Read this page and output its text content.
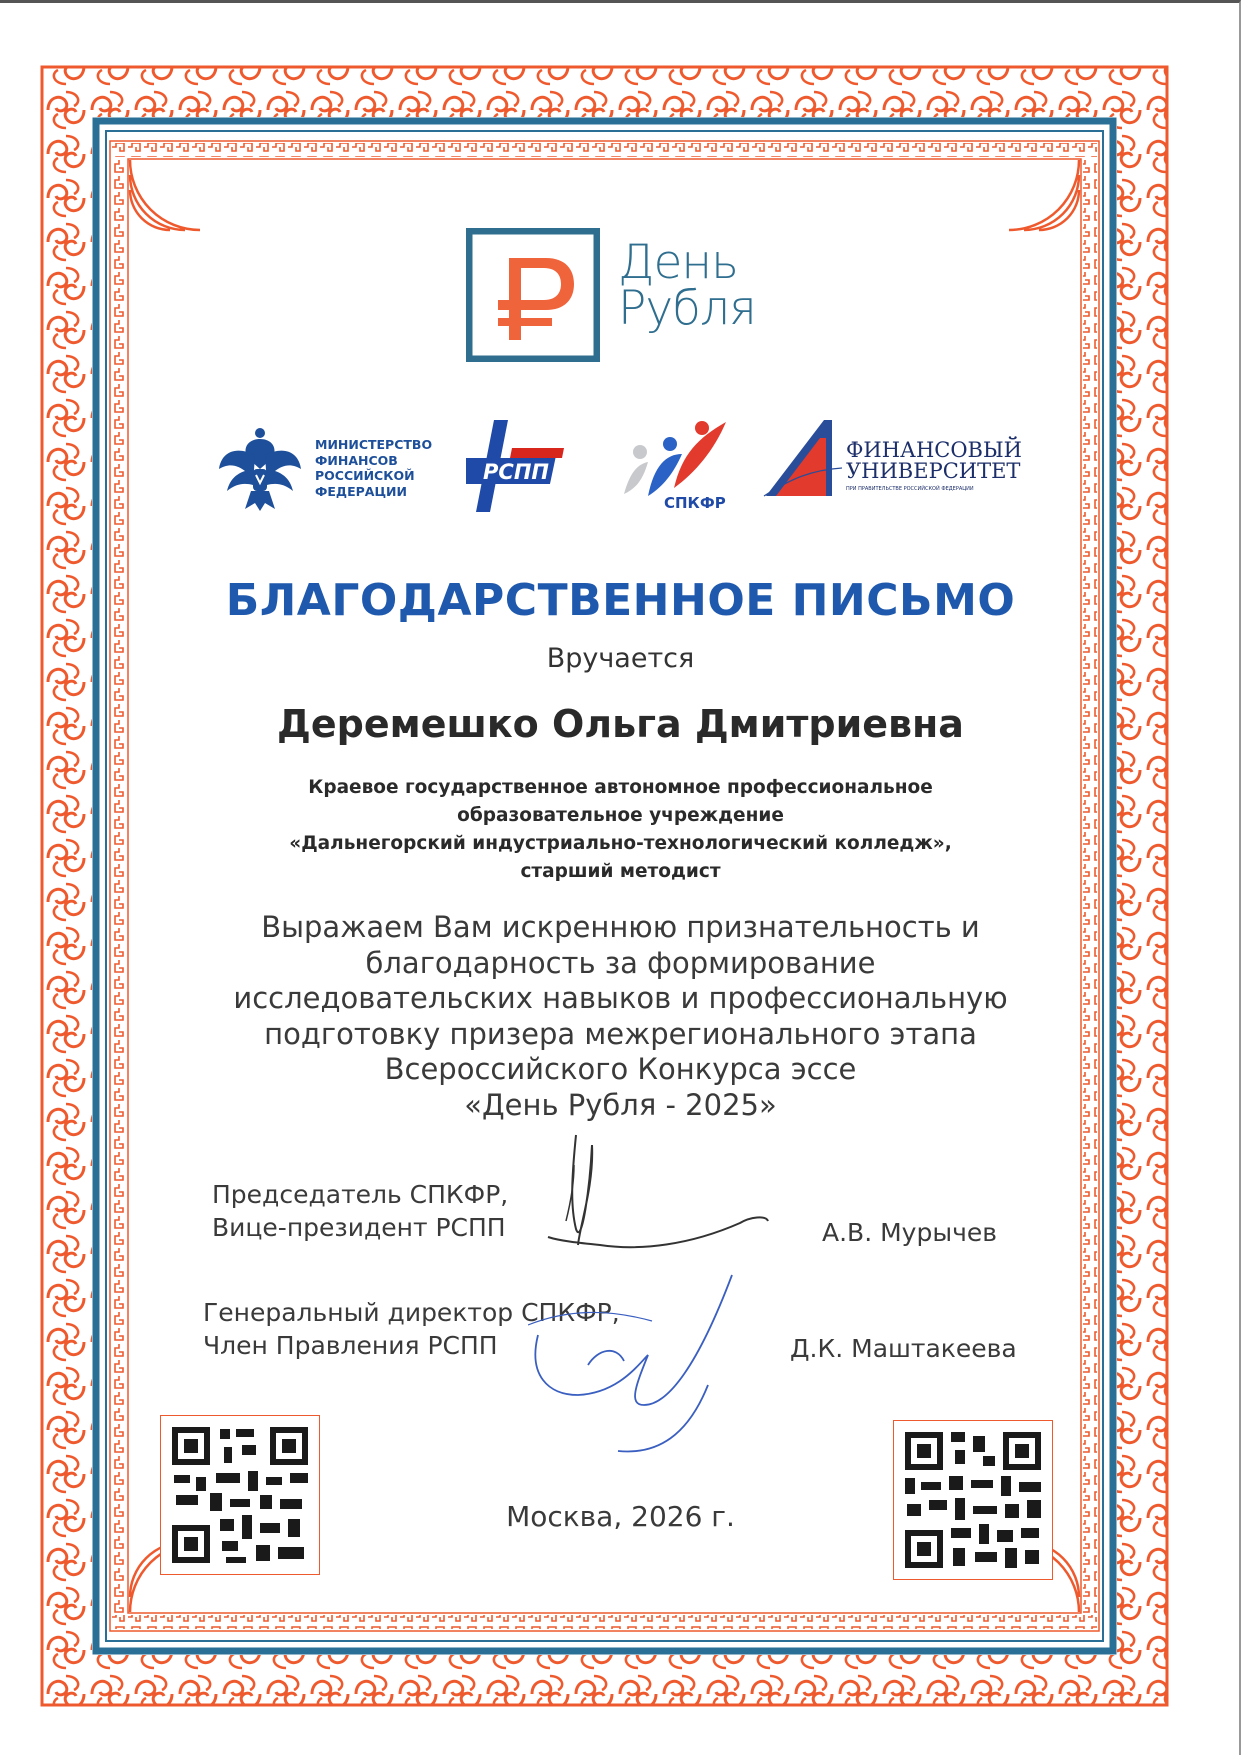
День
Рубля
МИНИСТЕРСТВО
ФИНАНСОВ
РОССИЙСКОЙ
ФЕДЕРАЦИИ
РСПП
СПКФР
ФИНАНСОВЫЙ
УНИВЕРСИТЕТ
ПРИ ПРАВИТЕЛЬСТВЕ РОССИЙСКОЙ ФЕДЕРАЦИИ
БЛАГОДАРСТВЕННОЕ ПИСЬМО
Вручается
Деремешко Ольга Дмитриевна
Краевое государственное автономное профессиональное
образовательное учреждение
«Дальнегорский индустриально-технологический колледж»,
старший методист
Выражаем Вам искреннюю признательность и
благодарность за формирование
исследовательских навыков и профессиональную
подготовку призера межрегионального этапа
Всероссийского Конкурса эссе
«День Рубля - 2025»
Председатель СПКФР,
Вице-президент РСПП	А.В. Мурычев
Генеральный директор СПКФР,
Член Правления РСПП	Д.К. Маштакеева
Москва, 2026 г.
